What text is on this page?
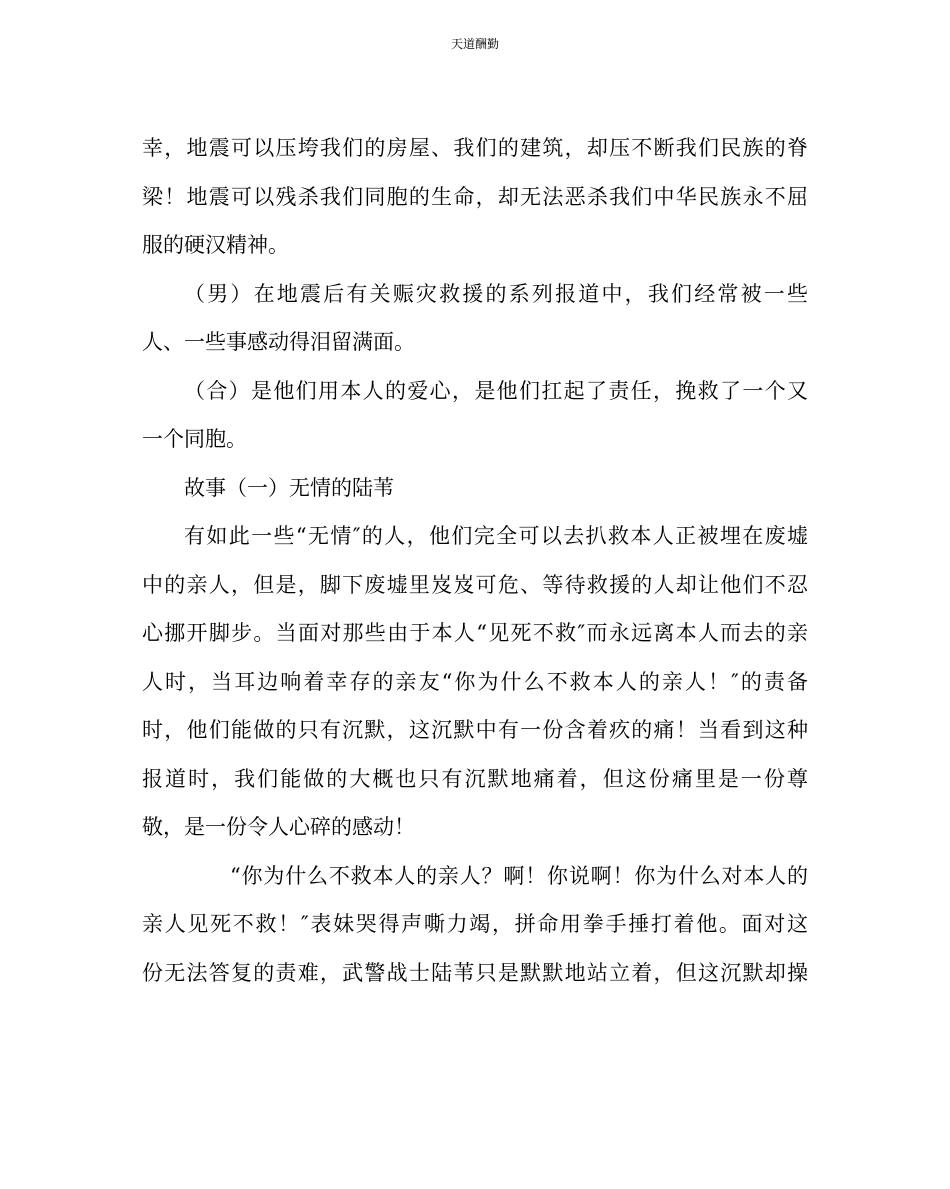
天道酬勤
幸，地震可以压垮我们的房屋、我们的建筑，却压不断我们民族的脊
梁！地震可以残杀我们同胞的生命，却无法恶杀我们中华民族永不屈
服的硬汉精神。
（男）在地震后有关赈灾救援的系列报道中，我们经常被一些
人、一些事感动得泪留满面。
（合）是他们用本人的爱心，是他们扛起了责任，挽救了一个又
一个同胞。
故事（一）无情的陆苇
有如此一些“无情″的人，他们完全可以去扒救本人正被埋在废墟
中的亲人，但是，脚下废墟里岌岌可危、等待救援的人却让他们不忍
心挪开脚步。当面对那些由于本人“见死不救″而永远离本人而去的亲
人时，当耳边响着幸存的亲友“你为什么不救本人的亲人！″的责备
时，他们能做的只有沉默，这沉默中有一份含着疚的痛！当看到这种
报道时，我们能做的大概也只有沉默地痛着，但这份痛里是一份尊
敬，是一份令人心碎的感动！
“你为什么不救本人的亲人？啊！你说啊！你为什么对本人的
亲人见死不救！″表妹哭得声嘶力竭，拼命用拳手捶打着他。面对这
份无法答复的责难，武警战士陆苇只是默默地站立着，但这沉默却操
